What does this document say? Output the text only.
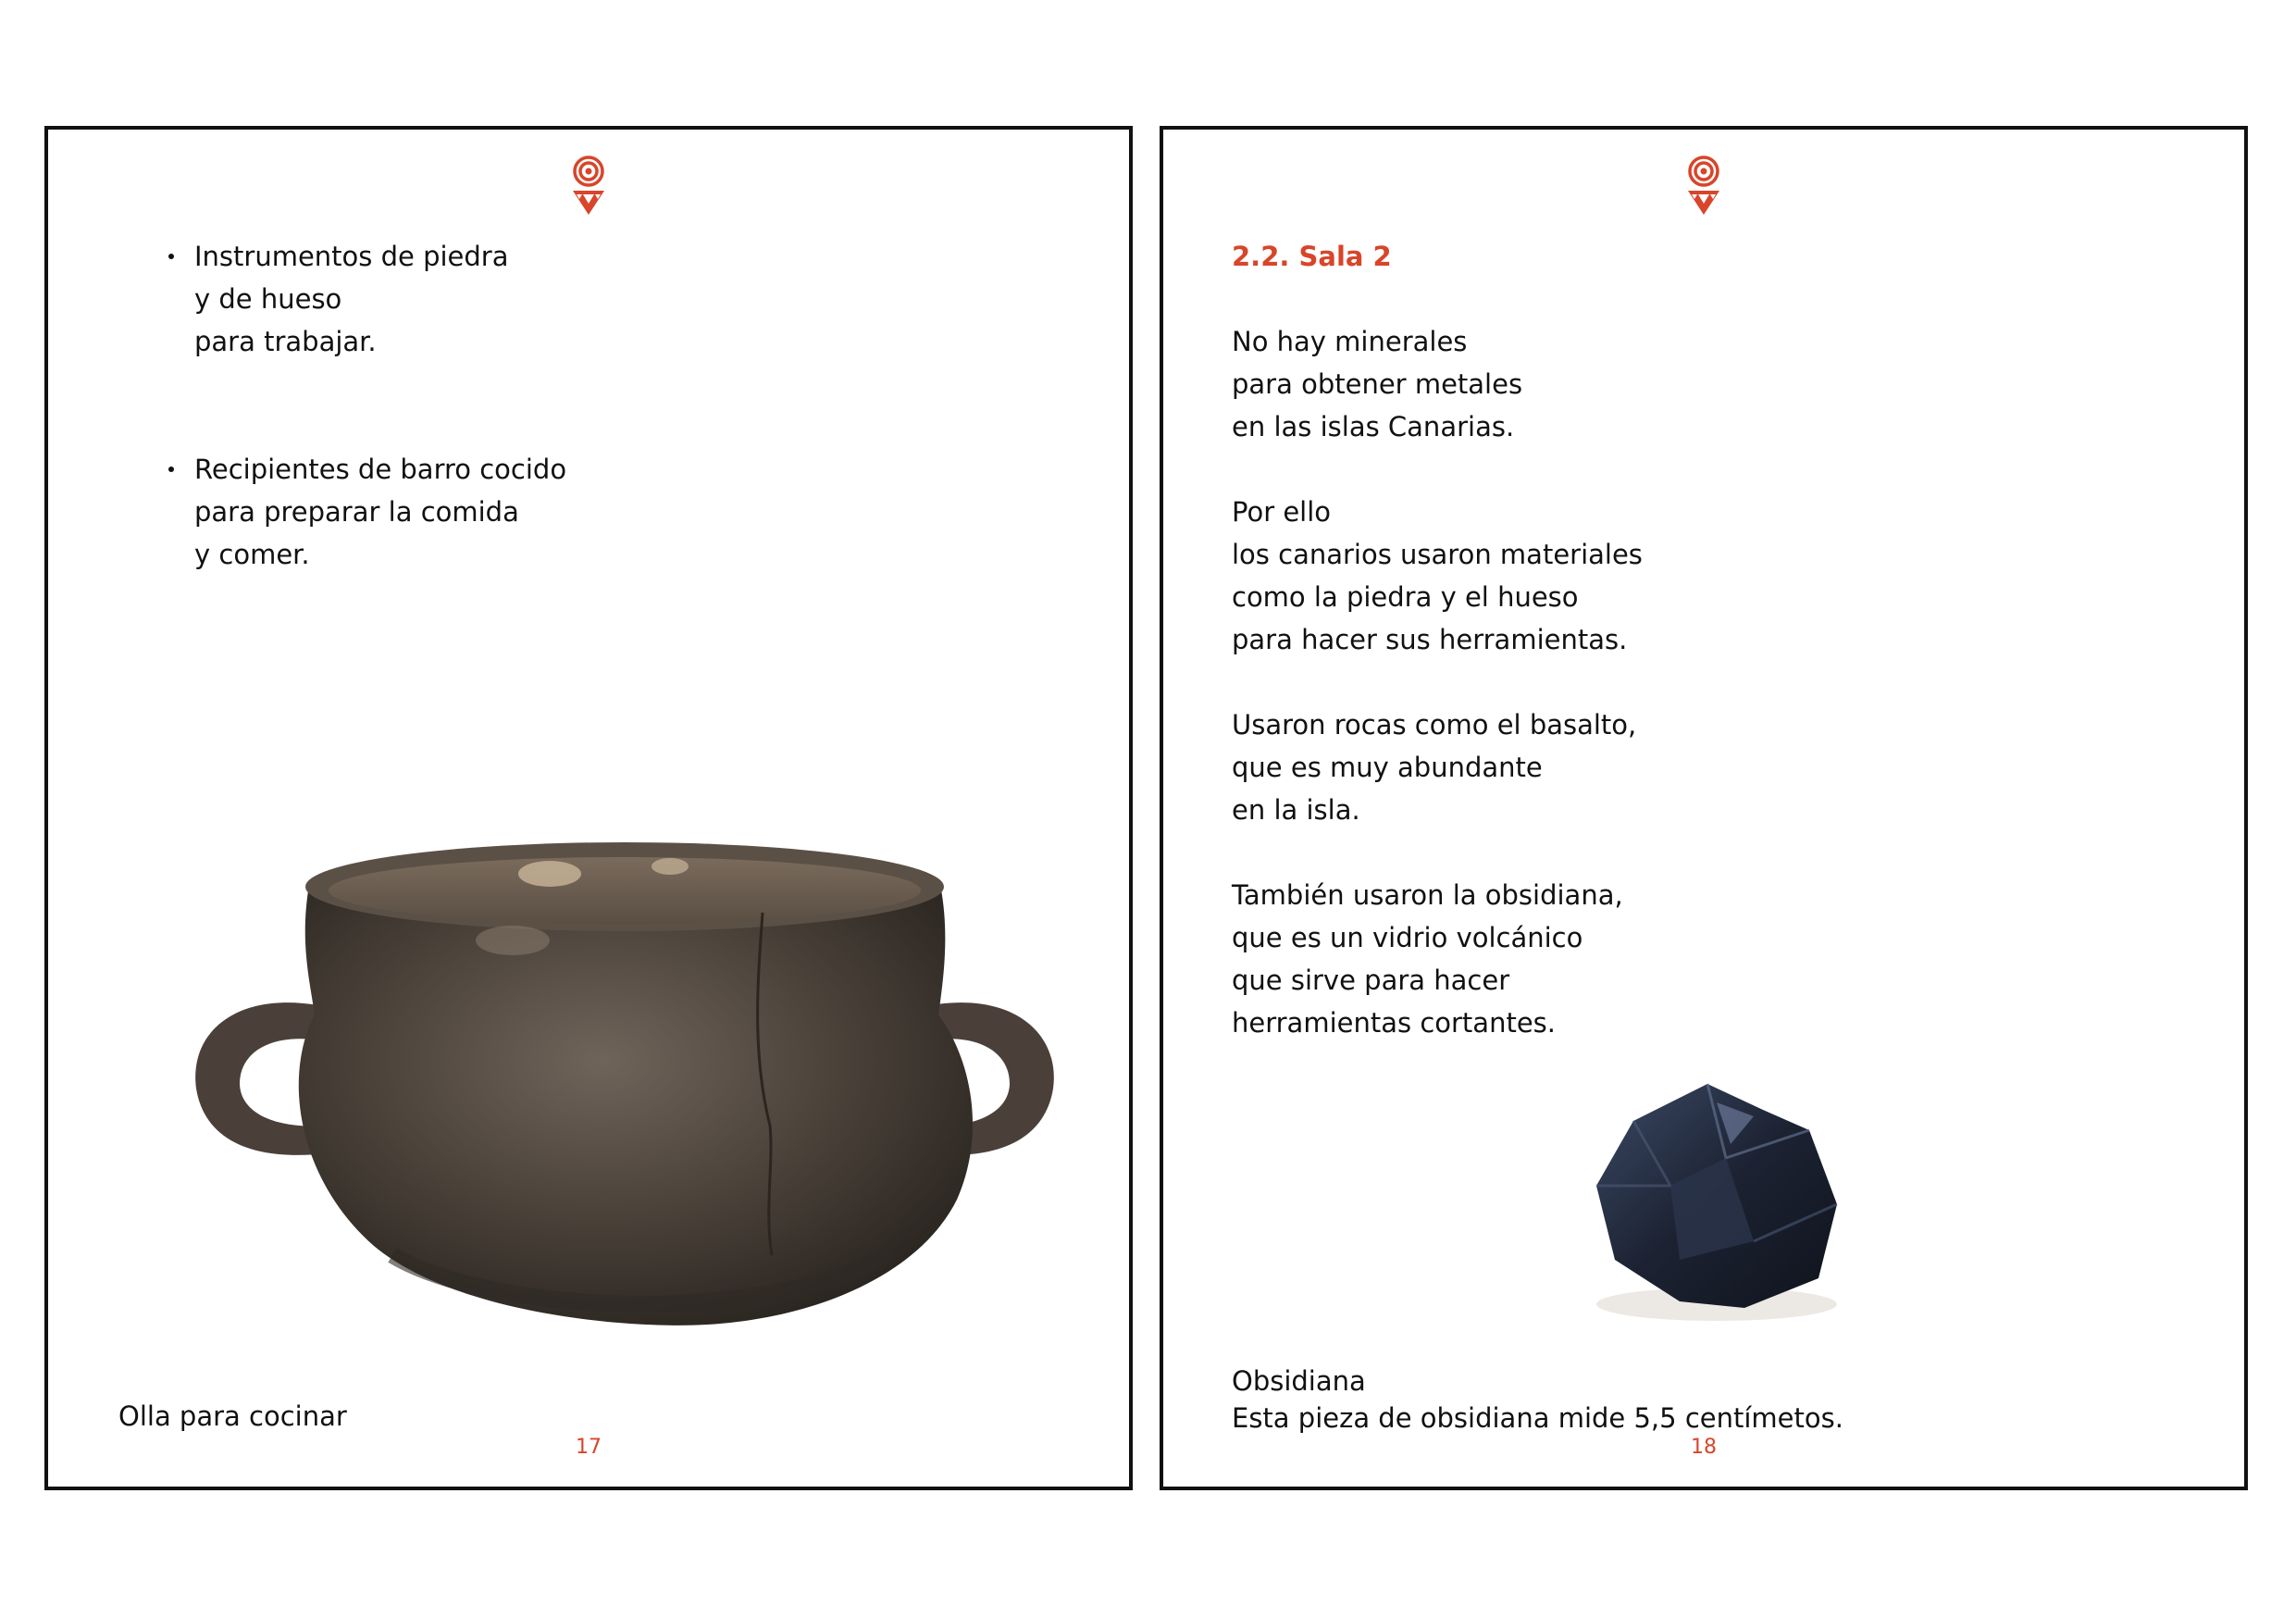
Instrumentos de piedra
y de hueso
para trabajar.
Recipientes de barro cocido
para preparar la comida
y comer.

Olla para cocinar

17
2.2. Sala 2

No hay minerales

para obtener metales

en las islas Canarias.

Por ello

los canarios usaron materiales

como la piedra y el hueso

para hacer sus herramientas.

Usaron rocas como el basalto,

que es muy abundante

en la isla.

También usaron la obsidiana,

que es un vidrio volcánico

que sirve para hacer

herramientas cortantes.

Obsidiana

Esta pieza de obsidiana mide 5,5 centímetos.

18
